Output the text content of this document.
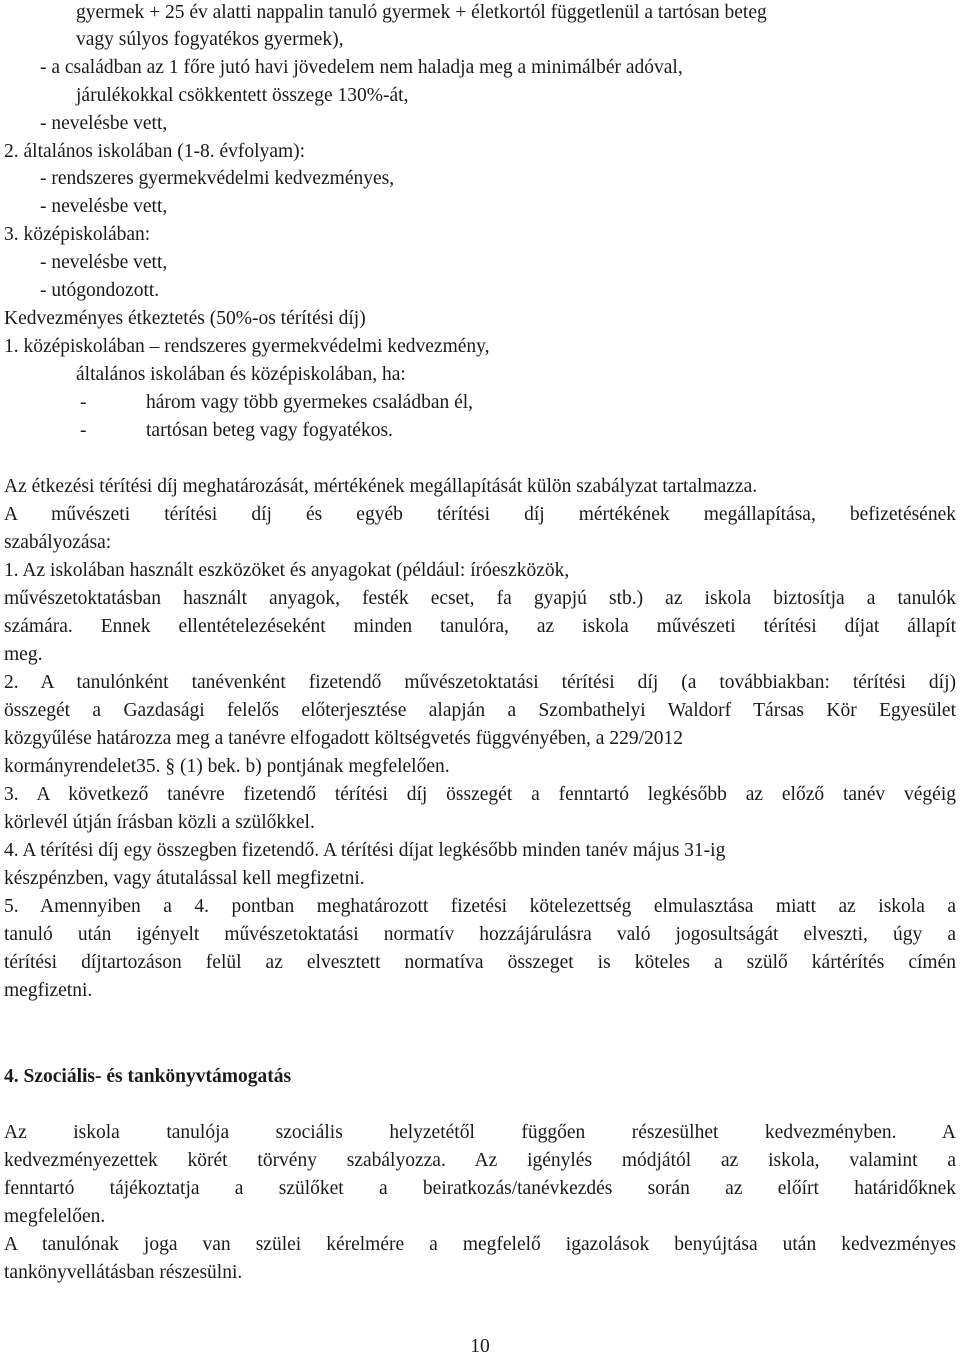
gyermek + 25 év alatti nappalin tanuló gyermek + életkortól függetlenül a tartósan beteg
vagy súlyos fogyatékos gyermek),
- a családban az 1 főre jutó havi jövedelem nem haladja meg a minimálbér adóval,
járulékokkal csökkentett összege 130%-át,
- nevelésbe vett,
2. általános iskolában (1-8. évfolyam):
- rendszeres gyermekvédelmi kedvezményes,
- nevelésbe vett,
3. középiskolában:
- nevelésbe vett,
- utógondozott.
Kedvezményes étkeztetés (50%-os térítési díj)
1. középiskolában – rendszeres gyermekvédelmi kedvezmény,
általános iskolában és középiskolában, ha:
-	három vagy több gyermekes családban él,
-	tartósan beteg vagy fogyatékos.
Az étkezési térítési díj meghatározását, mértékének megállapítását külön szabályzat tartalmazza.
A művészeti térítési díj és egyéb térítési díj mértékének megállapítása, befizetésének
szabályozása:
1. Az iskolában használt eszközöket és anyagokat (például: íróeszközök,
művészetoktatásban használt anyagok, festék ecset, fa gyapjú stb.) az iskola biztosítja a tanulók
számára. Ennek ellentételezéseként minden tanulóra, az iskola művészeti térítési díjat állapít
meg.
2. A tanulónként tanévenként fizetendő művészetoktatási térítési díj (a továbbiakban: térítési díj)
összegét a Gazdasági felelős előterjesztése alapján a Szombathelyi Waldorf Társas Kör Egyesület
közgyűlése határozza meg a tanévre elfogadott költségvetés függvényében, a 229/2012
kormányrendelet35. § (1) bek. b) pontjának megfelelően.
3. A következő tanévre fizetendő térítési díj összegét a fenntartó legkésőbb az előző tanév végéig
körlevél útján írásban közli a szülőkkel.
4. A térítési díj egy összegben fizetendő. A térítési díjat legkésőbb minden tanév május 31-ig
készpénzben, vagy átutalással kell megfizetni.
5. Amennyiben a 4. pontban meghatározott fizetési kötelezettség elmulasztása miatt az iskola a
tanuló után igényelt művészetoktatási normatív hozzájárulásra való jogosultságát elveszti, úgy a
térítési díjtartozáson felül az elvesztett normatíva összeget is köteles a szülő kártérítés címén
megfizetni.
4. Szociális- és tankönyvtámogatás
Az iskola tanulója szociális helyzetétől függően részesülhet kedvezményben. A
kedvezményezettek körét törvény szabályozza. Az igénylés módjától az iskola, valamint a
fenntartó tájékoztatja a szülőket a beiratkozás/tanévkezdés során az előírt határidőknek
megfelelően.
A tanulónak joga van szülei kérelmére a megfelelő igazolások benyújtása után kedvezményes
tankönyvellátásban részesülni.
10
